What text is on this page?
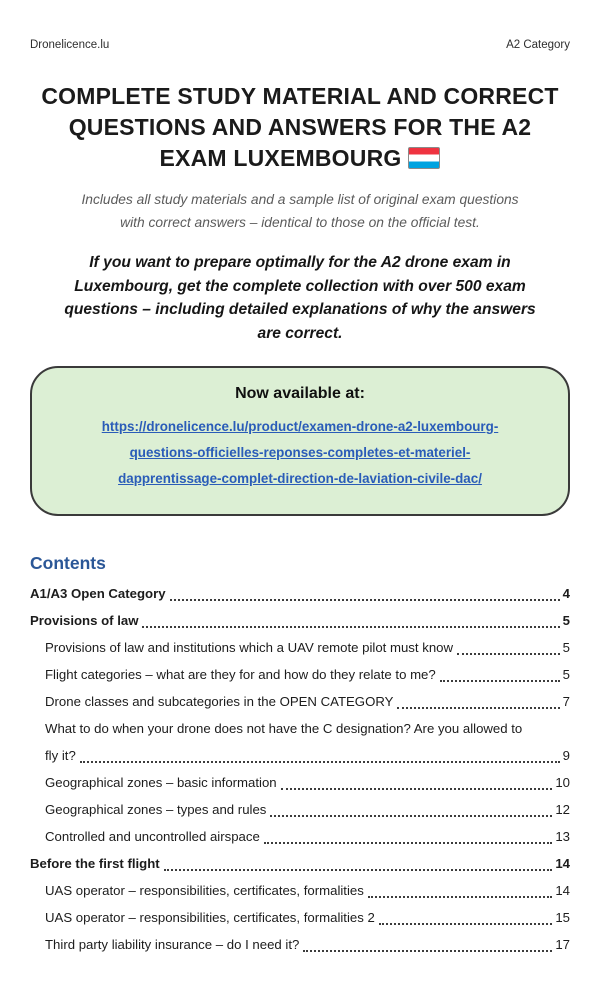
Dronelicence.lu	A2 Category
COMPLETE STUDY MATERIAL AND CORRECT
QUESTIONS AND ANSWERS FOR THE A2
EXAM LUXEMBOURG
Includes all study materials and a sample list of original exam questions
with correct answers – identical to those on the official test.
If you want to prepare optimally for the A2 drone exam in
Luxembourg, get the complete collection with over 500 exam
questions – including detailed explanations of why the answers
are correct.
Now available at:
https://dronelicence.lu/product/examen-drone-a2-luxembourg-
questions-officielles-reponses-completes-et-materiel-
dapprentissage-complet-direction-de-laviation-civile-dac/
Contents
A1/A3 Open Category	4
Provisions of law	5
Provisions of law and institutions which a UAV remote pilot must know	5
Flight categories – what are they for and how do they relate to me?	5
Drone classes and subcategories in the OPEN CATEGORY	7
What to do when your drone does not have the C designation? Are you allowed to
fly it?	9
Geographical zones – basic information	10
Geographical zones – types and rules	12
Controlled and uncontrolled airspace	13
Before the first flight	14
UAS operator – responsibilities, certificates, formalities	14
UAS operator – responsibilities, certificates, formalities 2	15
Third party liability insurance – do I need it?	17
